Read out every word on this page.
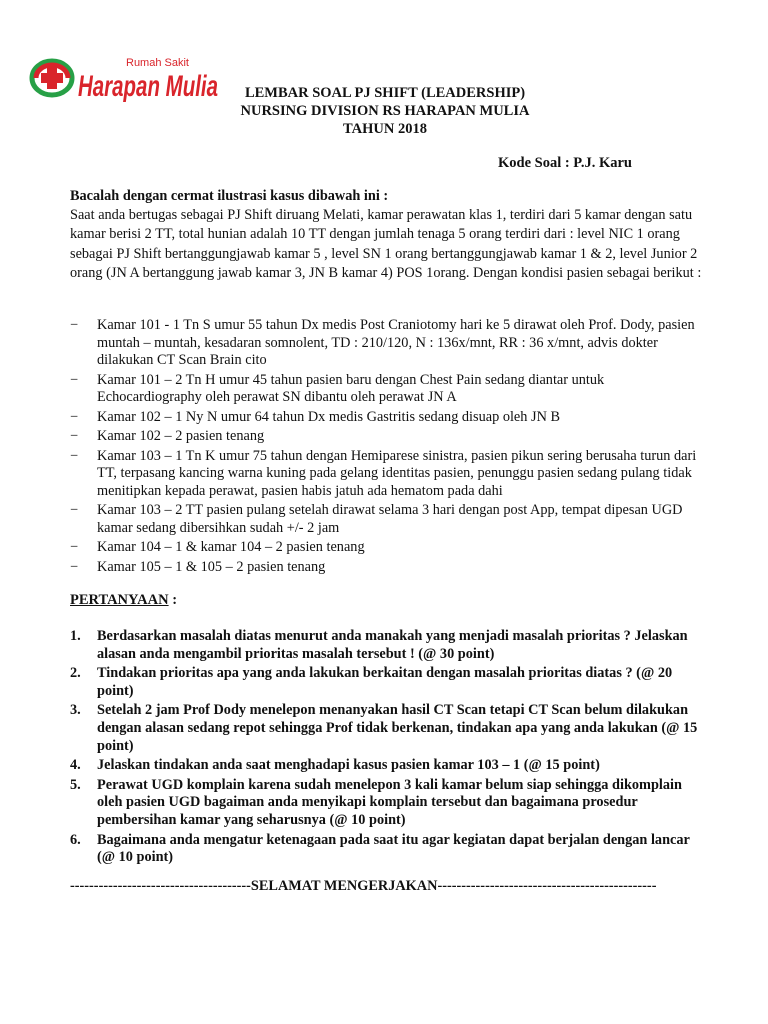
Rumah Sakit
Harapan Mulia	LEMBAR SOAL PJ SHIFT (LEADERSHIP)
NURSING DIVISION RS HARAPAN MULIA
TAHUN 2018
Kode Soal : P.J. Karu
Bacalah dengan cermat ilustrasi kasus dibawah ini :
Saat anda bertugas sebagai PJ Shift diruang Melati, kamar perawatan klas 1, terdiri dari 5 kamar dengan satu kamar berisi 2 TT, total hunian adalah 10 TT dengan jumlah tenaga 5 orang terdiri dari : level NIC 1 orang sebagai PJ Shift bertanggungjawab kamar 5 , level SN 1 orang bertanggungjawab kamar 1 & 2, level Junior 2 orang (JN A bertanggung jawab kamar 3, JN B kamar 4) POS 1orang. Dengan kondisi pasien sebagai berikut :
− Kamar 101 - 1 Tn S umur 55 tahun Dx medis Post Craniotomy hari ke 5 dirawat oleh Prof. Dody, pasien muntah – muntah, kesadaran somnolent, TD : 210/120, N : 136x/mnt, RR : 36 x/mnt, advis dokter dilakukan CT Scan Brain cito
− Kamar 101 – 2 Tn H umur 45 tahun pasien baru dengan Chest Pain sedang diantar untuk Echocardiography oleh perawat SN dibantu oleh perawat JN A
− Kamar 102 – 1 Ny N umur 64 tahun Dx medis Gastritis sedang disuap oleh JN B
− Kamar 102 – 2 pasien tenang
− Kamar 103 – 1 Tn K umur 75 tahun dengan Hemiparese sinistra, pasien pikun sering berusaha turun dari TT, terpasang kancing warna kuning pada gelang identitas pasien, penunggu pasien sedang pulang tidak menitipkan kepada perawat, pasien habis jatuh ada hematom pada dahi
− Kamar 103 – 2 TT pasien pulang setelah dirawat selama 3 hari dengan post App, tempat dipesan UGD kamar sedang dibersihkan sudah +/- 2 jam
− Kamar 104 – 1 & kamar 104 – 2 pasien tenang
− Kamar 105 – 1 & 105 – 2 pasien tenang
PERTANYAAN :
1. Berdasarkan masalah diatas menurut anda manakah yang menjadi masalah prioritas ? Jelaskan alasan anda mengambil prioritas masalah tersebut ! (@ 30 point)
2. Tindakan prioritas apa yang anda lakukan berkaitan dengan masalah prioritas diatas ? (@ 20 point)
3. Setelah 2 jam Prof Dody menelepon menanyakan hasil CT Scan tetapi CT Scan belum dilakukan dengan alasan sedang repot sehingga Prof tidak berkenan, tindakan apa yang anda lakukan (@ 15 point)
4. Jelaskan tindakan anda saat menghadapi kasus pasien kamar 103 – 1 (@ 15 point)
5. Perawat UGD komplain karena sudah menelepon 3 kali kamar belum siap sehingga dikomplain oleh pasien UGD bagaiman anda menyikapi komplain tersebut dan bagaimana prosedur pembersihan kamar yang seharusnya (@ 10 point)
6. Bagaimana anda mengatur ketenagaan pada saat itu agar kegiatan dapat berjalan dengan lancar (@ 10 point)
--------------------------------------SELAMAT MENGERJAKAN----------------------------------------------
